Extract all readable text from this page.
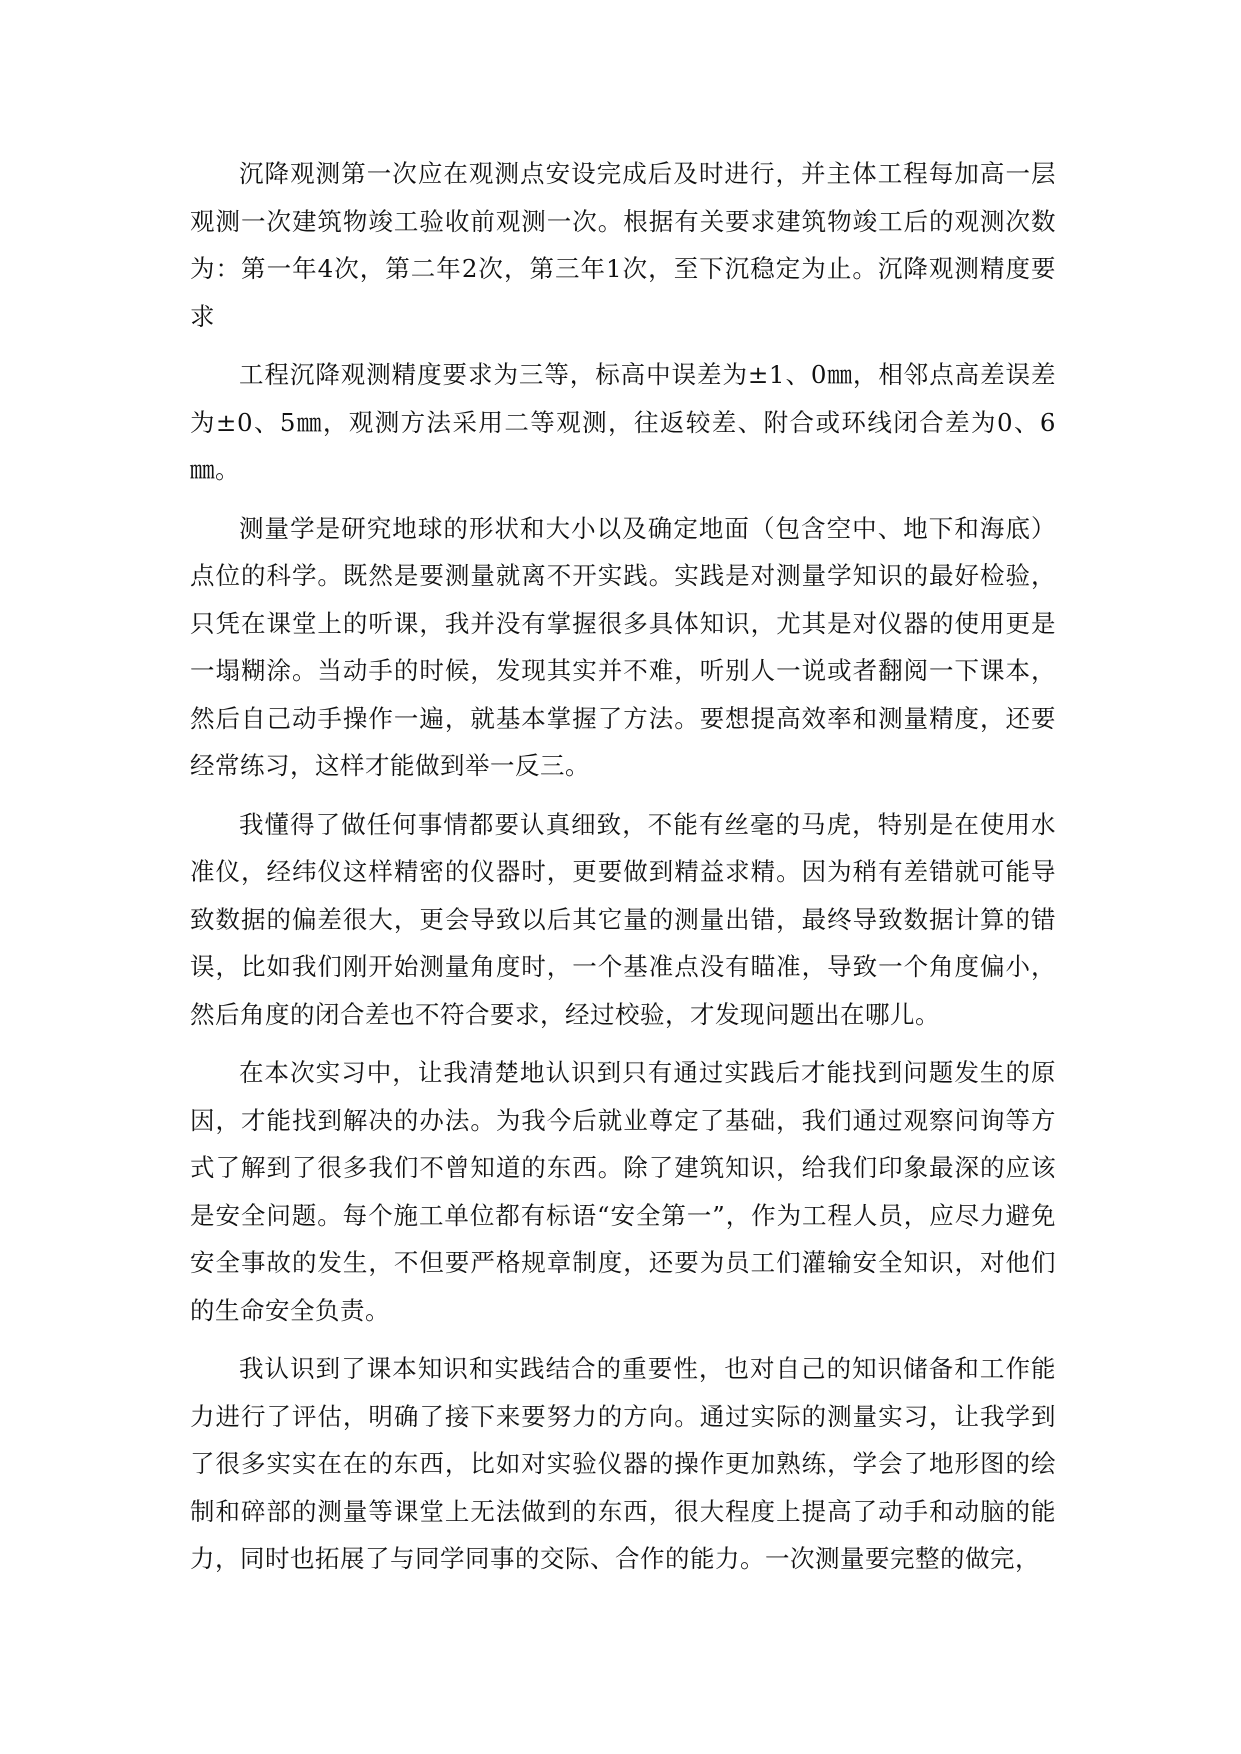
沉降观测第一次应在观测点安设完成后及时进行，并主体工程每加高一层观测一次建筑物竣工验收前观测一次。根据有关要求建筑物竣工后的观测次数为：第一年4次，第二年2次，第三年1次，至下沉稳定为止。沉降观测精度要求

工程沉降观测精度要求为三等，标高中误差为±1、0㎜，相邻点高差误差为±0、5㎜，观测方法采用二等观测，往返较差、附合或环线闭合差为0、6㎜。

测量学是研究地球的形状和大小以及确定地面（包含空中、地下和海底）点位的科学。既然是要测量就离不开实践。实践是对测量学知识的最好检验，只凭在课堂上的听课，我并没有掌握很多具体知识，尤其是对仪器的使用更是一塌糊涂。当动手的时候，发现其实并不难，听别人一说或者翻阅一下课本，然后自己动手操作一遍，就基本掌握了方法。要想提高效率和测量精度，还要经常练习，这样才能做到举一反三。

我懂得了做任何事情都要认真细致，不能有丝毫的马虎，特别是在使用水准仪，经纬仪这样精密的仪器时，更要做到精益求精。因为稍有差错就可能导致数据的偏差很大，更会导致以后其它量的测量出错，最终导致数据计算的错误，比如我们刚开始测量角度时，一个基准点没有瞄准，导致一个角度偏小，然后角度的闭合差也不符合要求，经过校验，才发现问题出在哪儿。

在本次实习中，让我清楚地认识到只有通过实践后才能找到问题发生的原因，才能找到解决的办法。为我今后就业尊定了基础，我们通过观察问询等方式了解到了很多我们不曾知道的东西。除了建筑知识，给我们印象最深的应该是安全问题。每个施工单位都有标语“安全第一”，作为工程人员，应尽力避免安全事故的发生，不但要严格规章制度，还要为员工们灌输安全知识，对他们的生命安全负责。

我认识到了课本知识和实践结合的重要性，也对自己的知识储备和工作能力进行了评估，明确了接下来要努力的方向。通过实际的测量实习，让我学到了很多实实在在的东西，比如对实验仪器的操作更加熟练，学会了地形图的绘制和碎部的测量等课堂上无法做到的东西，很大程度上提高了动手和动脑的能力，同时也拓展了与同学同事的交际、合作的能力。一次测量要完整的做完，
